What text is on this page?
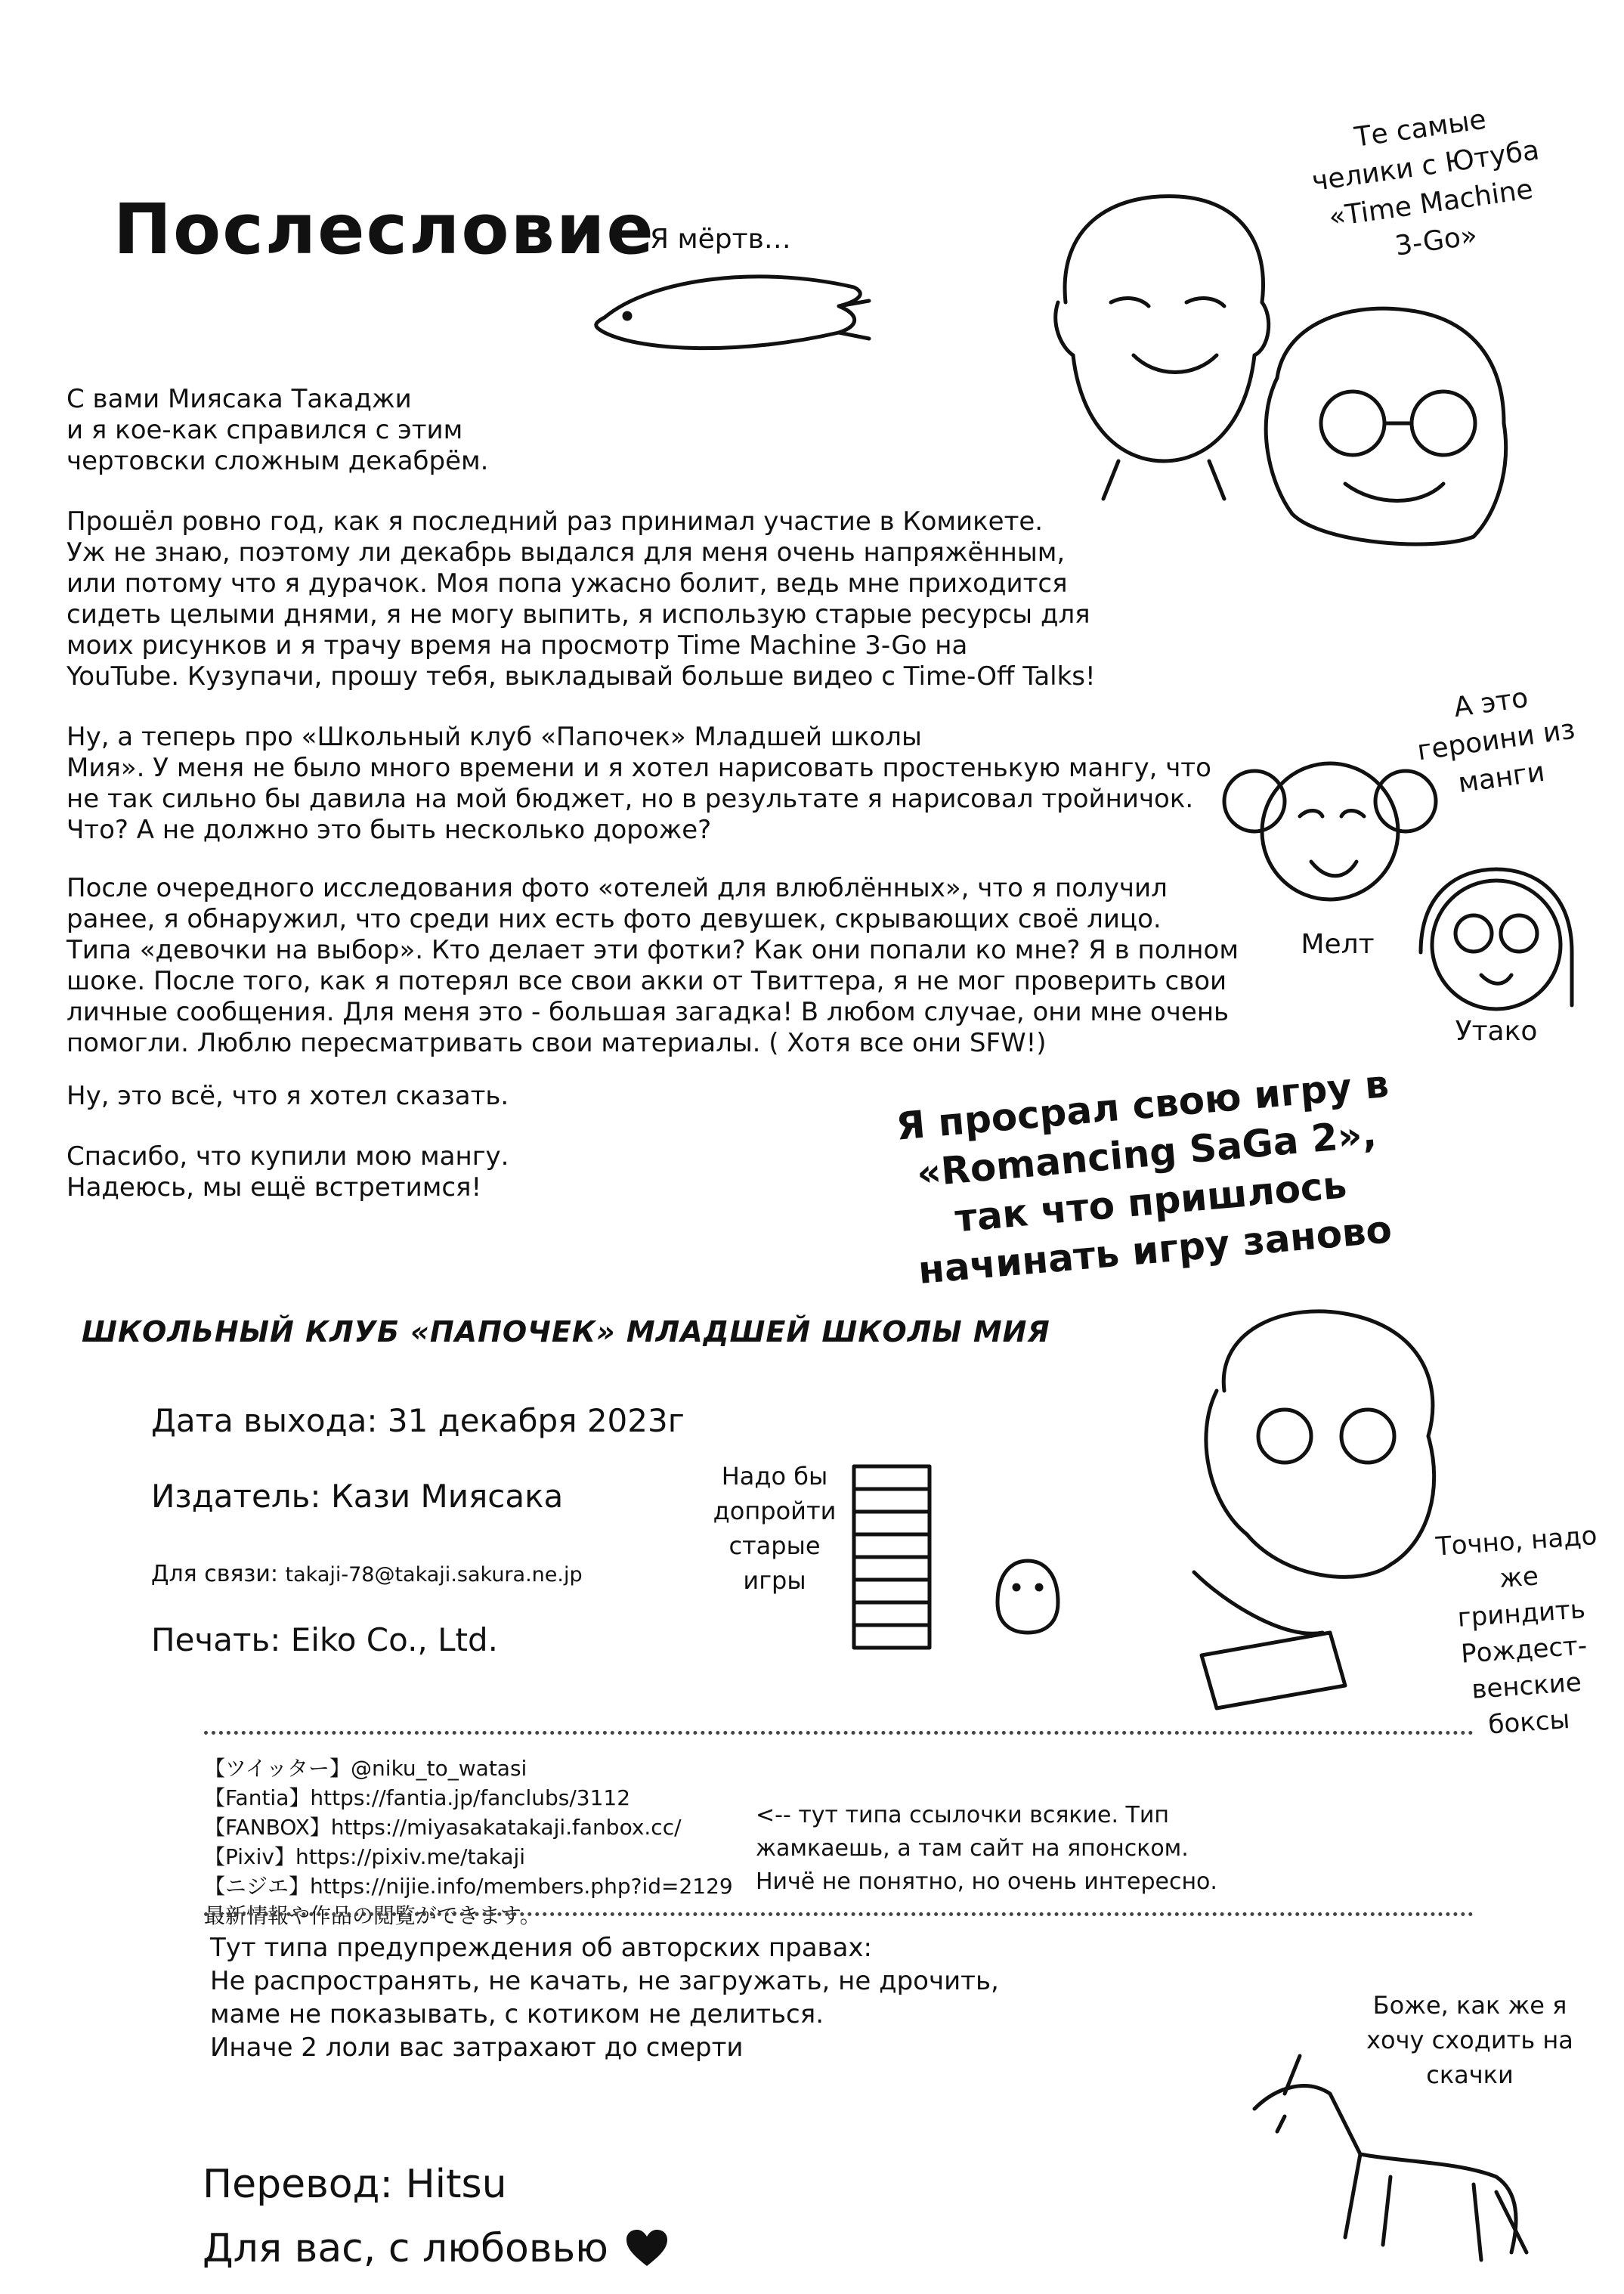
Послесловие
Я мёртв…
Те самые
челики с Ютуба
«Time Machine
3-Go»
А это
героини из
манги
Мелт
Утако
С вами Миясака Такаджи
и я кое-как справился с этим
чертовски сложным декабрём.
Прошёл ровно год, как я последний раз принимал участие в Комикете.
Уж не знаю, поэтому ли декабрь выдался для меня очень напряжённым,
или потому что я дурачок. Моя попа ужасно болит, ведь мне приходится
сидеть целыми днями, я не могу выпить, я использую старые ресурсы для
моих рисунков и я трачу время на просмотр Time Machine 3-Go на
YouTube. Кузупачи, прошу тебя, выкладывай больше видео с Time-Off Talks!
Ну, а теперь про «Школьный клуб «Папочек» Младшей школы
Мия». У меня не было много времени и я хотел нарисовать простенькую мангу, что
не так сильно бы давила на мой бюджет, но в результате я нарисовал тройничок.
Что? А не должно это быть несколько дороже?
После очередного исследования фото «отелей для влюблённых», что я получил
ранее, я обнаружил, что среди них есть фото девушек, скрывающих своё лицо.
Типа «девочки на выбор». Кто делает эти фотки? Как они попали ко мне? Я в полном
шоке. После того, как я потерял все свои акки от Твиттера, я не мог проверить свои
личные сообщения. Для меня это - большая загадка! В любом случае, они мне очень
помогли. Люблю пересматривать свои материалы. ( Хотя все они SFW!)
Ну, это всё, что я хотел сказать.
Спасибо, что купили мою мангу.
Надеюсь, мы ещё встретимся!
Я просрал свою игру в
«Romancing SaGa 2»,
так что пришлось
начинать игру заново
ШКОЛЬНЫЙ КЛУБ «ПАПОЧЕК» МЛАДШЕЙ ШКОЛЫ МИЯ
Дата выхода: 31 декабря 2023г
Издатель: Кази Миясака
Для связи: takaji-78@takaji.sakura.ne.jp
Печать: Eiko Co., Ltd.
Надо бы
допройти
старые
игры
Точно, надо
же гриндить
Рождест-
венские
боксы
【ツイッター】@niku_to_watasi
【Fantia】https://fantia.jp/fanclubs/3112
【FANBOX】https://miyasakatakaji.fanbox.cc/
【Pixiv】https://pixiv.me/takaji
【ニジエ】https://nijie.info/members.php?id=2129
最新情報や作品の閲覧ができます。
<-- тут типа ссылочки всякие. Тип
жамкаешь, а там сайт на японском.
Ничё не понятно, но очень интересно.
Тут типа предупреждения об авторских правах:
Не распространять, не качать, не загружать, не дрочить,
маме не показывать, с котиком не делиться.
Иначе 2 лоли вас затрахают до смерти
Боже, как же я
хочу сходить на
скачки
Перевод: Hitsu
Для вас, с любовью
